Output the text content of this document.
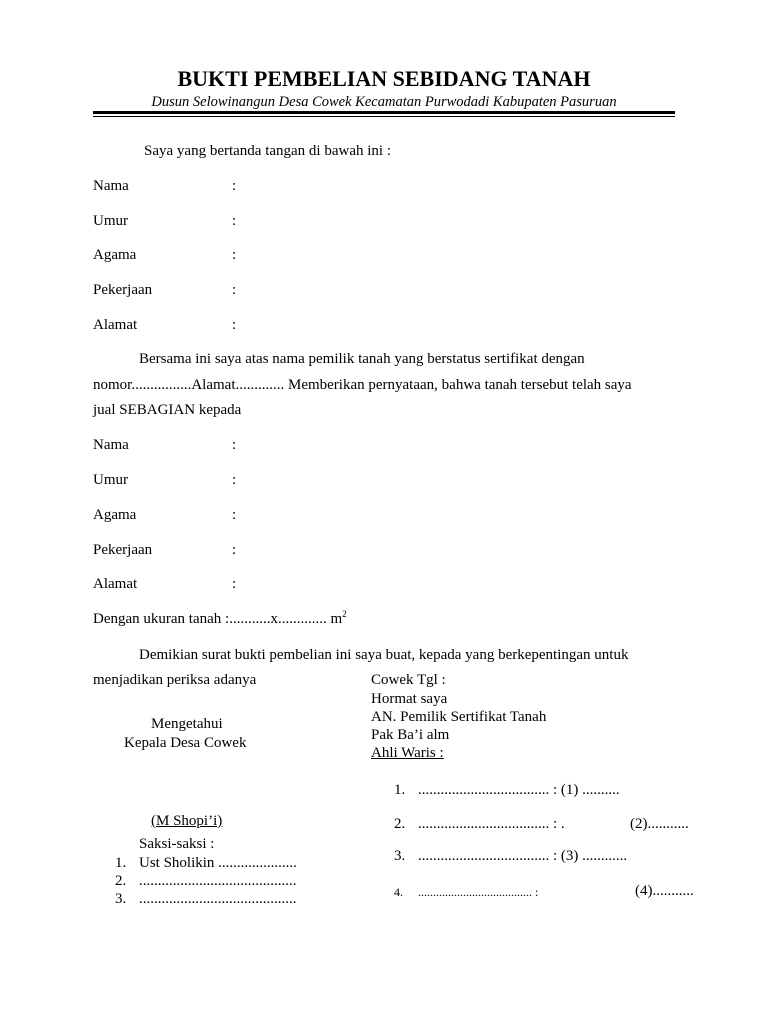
BUKTI PEMBELIAN SEBIDANG TANAH
Dusun Selowinangun Desa Cowek Kecamatan Purwodadi Kabupaten Pasuruan
Saya yang bertanda tangan di bawah ini :
Nama	:
Umur	:
Agama	:
Pekerjaan	:
Alamat	:
Bersama ini saya atas nama pemilik tanah yang berstatus sertifikat dengan
nomor................Alamat............. Memberikan pernyataan, bahwa tanah tersebut telah saya
jual SEBAGIAN kepada
Nama	:
Umur	:
Agama	:
Pekerjaan	:
Alamat	:
Dengan ukuran tanah :...........x............. $m^2$
Demikian surat bukti pembelian ini saya buat, kepada yang berkepentingan untuk
menjadikan periksa adanya
Mengetahui
Kepala Desa Cowek
(M Shopi’i)
Saksi-saksi :
1. Ust Sholikin .....................
2. ..........................................
3. ..........................................
Cowek Tgl :
Hormat saya
AN. Pemilik Sertifikat Tanah
Pak Ba’i alm
Ahli Waris :
1. ................................... : (1) ..........
2. ................................... : .	(2)...........
3. ................................... : (3) ............
4. ...................................... :	(4)...........
